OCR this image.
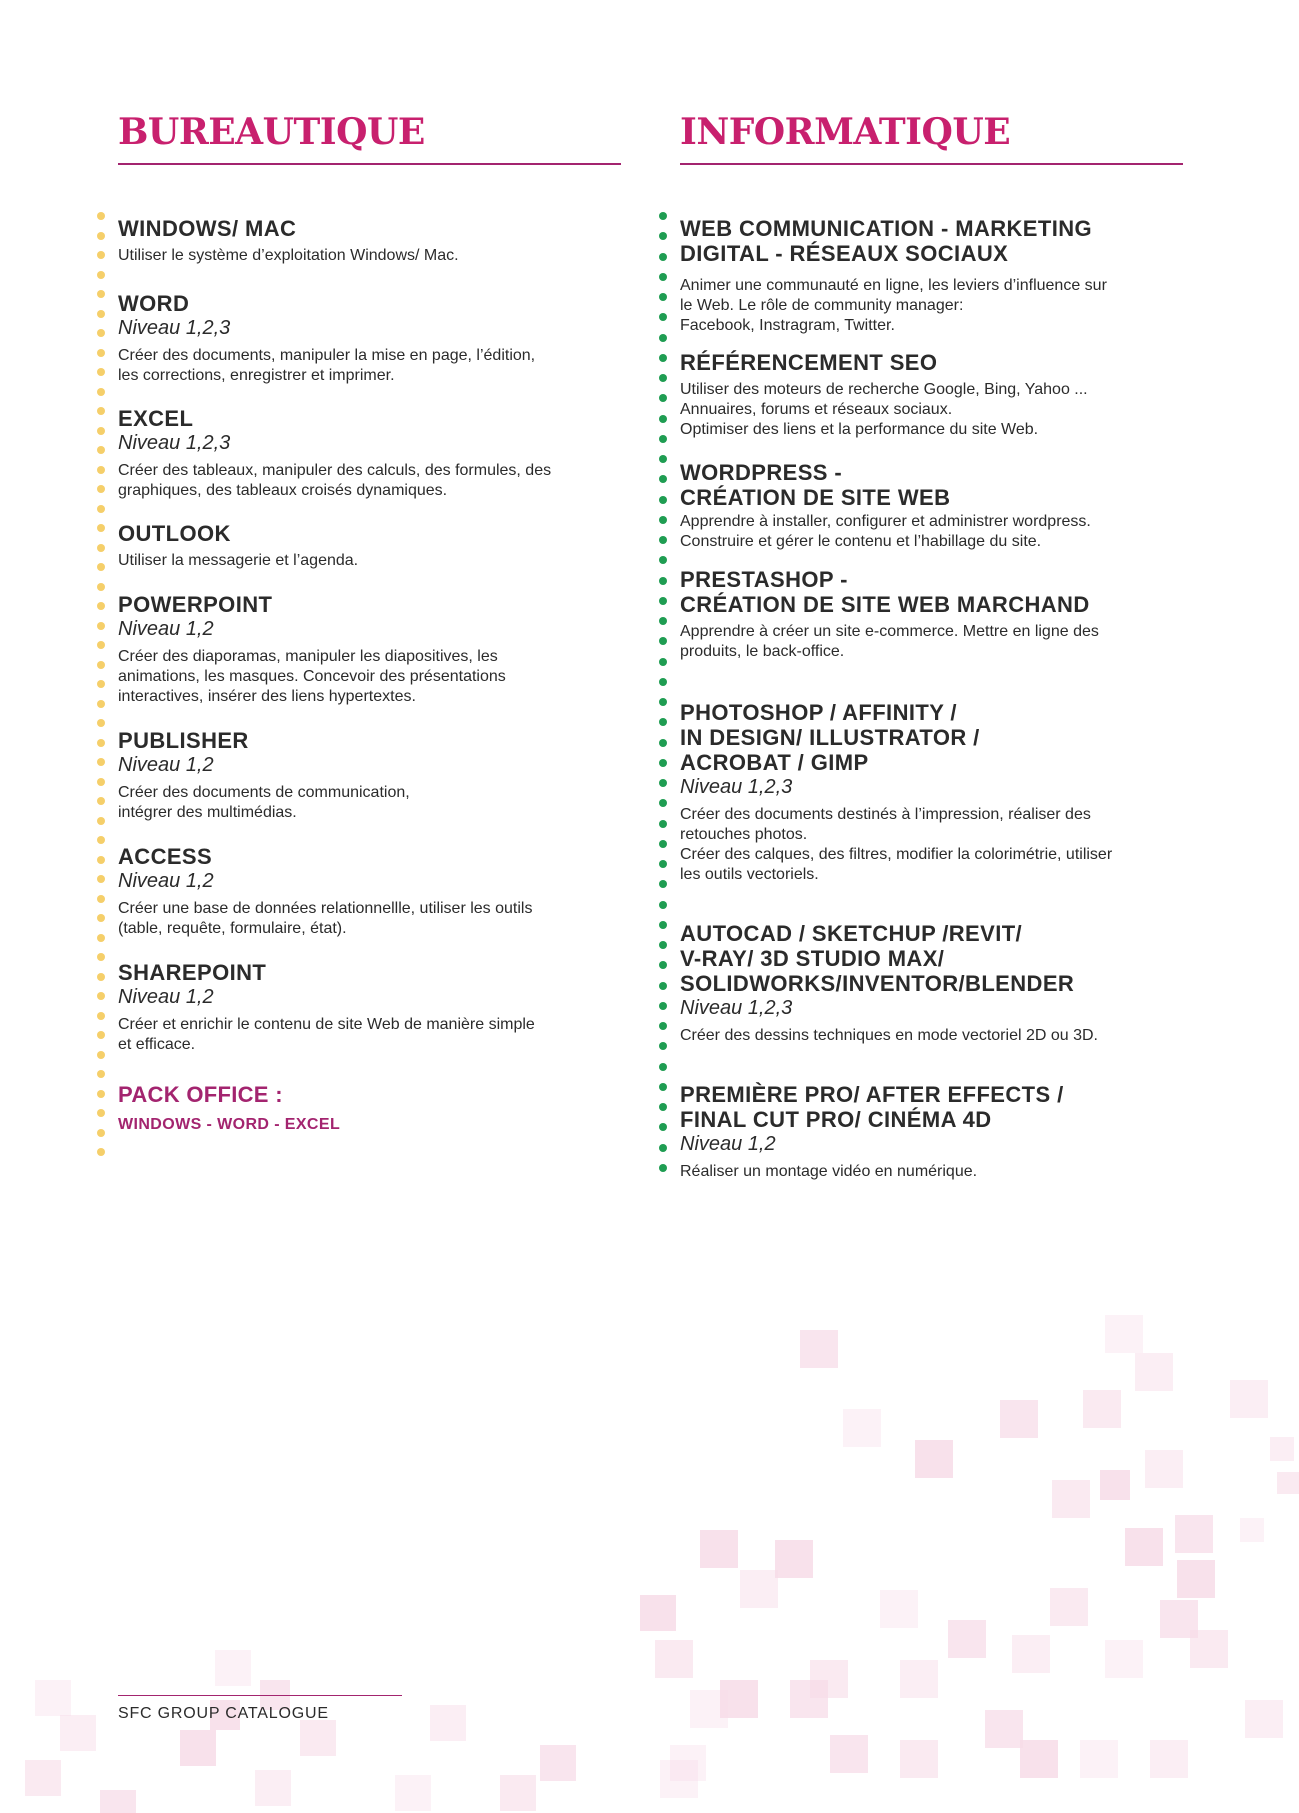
BUREAUTIQUE

WINDOWS/ MAC

Utiliser le système d’exploitation Windows/ Mac.

WORD

Niveau 1,2,3

Créer des documents, manipuler la mise en page, l’édition,
les corrections, enregistrer et imprimer.

EXCEL

Niveau 1,2,3

Créer des tableaux, manipuler des calculs, des formules, des
graphiques, des tableaux croisés dynamiques.

OUTLOOK

Utiliser la messagerie et l’agenda.

POWERPOINT

Niveau 1,2

Créer des diaporamas, manipuler les diapositives, les
animations, les masques. Concevoir des présentations
interactives, insérer des liens hypertextes.

PUBLISHER

Niveau 1,2

Créer des documents de communication,
intégrer des multimédias.

ACCESS

Niveau 1,2

Créer une base de données relationnellle, utiliser les outils
(table, requête, formulaire, état).

SHAREPOINT

Niveau 1,2

Créer et enrichir le contenu de site Web de manière simple
et efficace.

PACK OFFICE :

WINDOWS - WORD - EXCEL

INFORMATIQUE

WEB COMMUNICATION - MARKETING
DIGITAL - RÉSEAUX SOCIAUX

Animer une communauté en ligne, les leviers d’influence sur
le Web. Le rôle de community manager:
Facebook, Instragram, Twitter.

RÉFÉRENCEMENT SEO

Utiliser des moteurs de recherche Google, Bing, Yahoo ...
Annuaires, forums et réseaux sociaux.
Optimiser des liens et la performance du site Web.

WORDPRESS -
CRÉATION DE SITE WEB

Apprendre à installer, configurer et administrer wordpress.
Construire et gérer le contenu et l’habillage du site.

PRESTASHOP -
CRÉATION DE SITE WEB MARCHAND

Apprendre à créer un site e-commerce. Mettre en ligne des
produits, le back-office.

PHOTOSHOP / AFFINITY /
IN DESIGN/ ILLUSTRATOR /
ACROBAT / GIMP

Niveau 1,2,3

Créer des documents destinés à l’impression, réaliser des
retouches photos.
Créer des calques, des filtres, modifier la colorimétrie, utiliser
les outils vectoriels.

AUTOCAD / SKETCHUP /REVIT/
V-RAY/ 3D STUDIO MAX/
SOLIDWORKS/INVENTOR/BLENDER

Niveau 1,2,3

Créer des dessins techniques en mode vectoriel 2D ou 3D.

PREMIÈRE PRO/ AFTER EFFECTS /
FINAL CUT PRO/ CINÉMA 4D

Niveau 1,2

Réaliser un montage vidéo en numérique.

SFC GROUP CATALOGUE
